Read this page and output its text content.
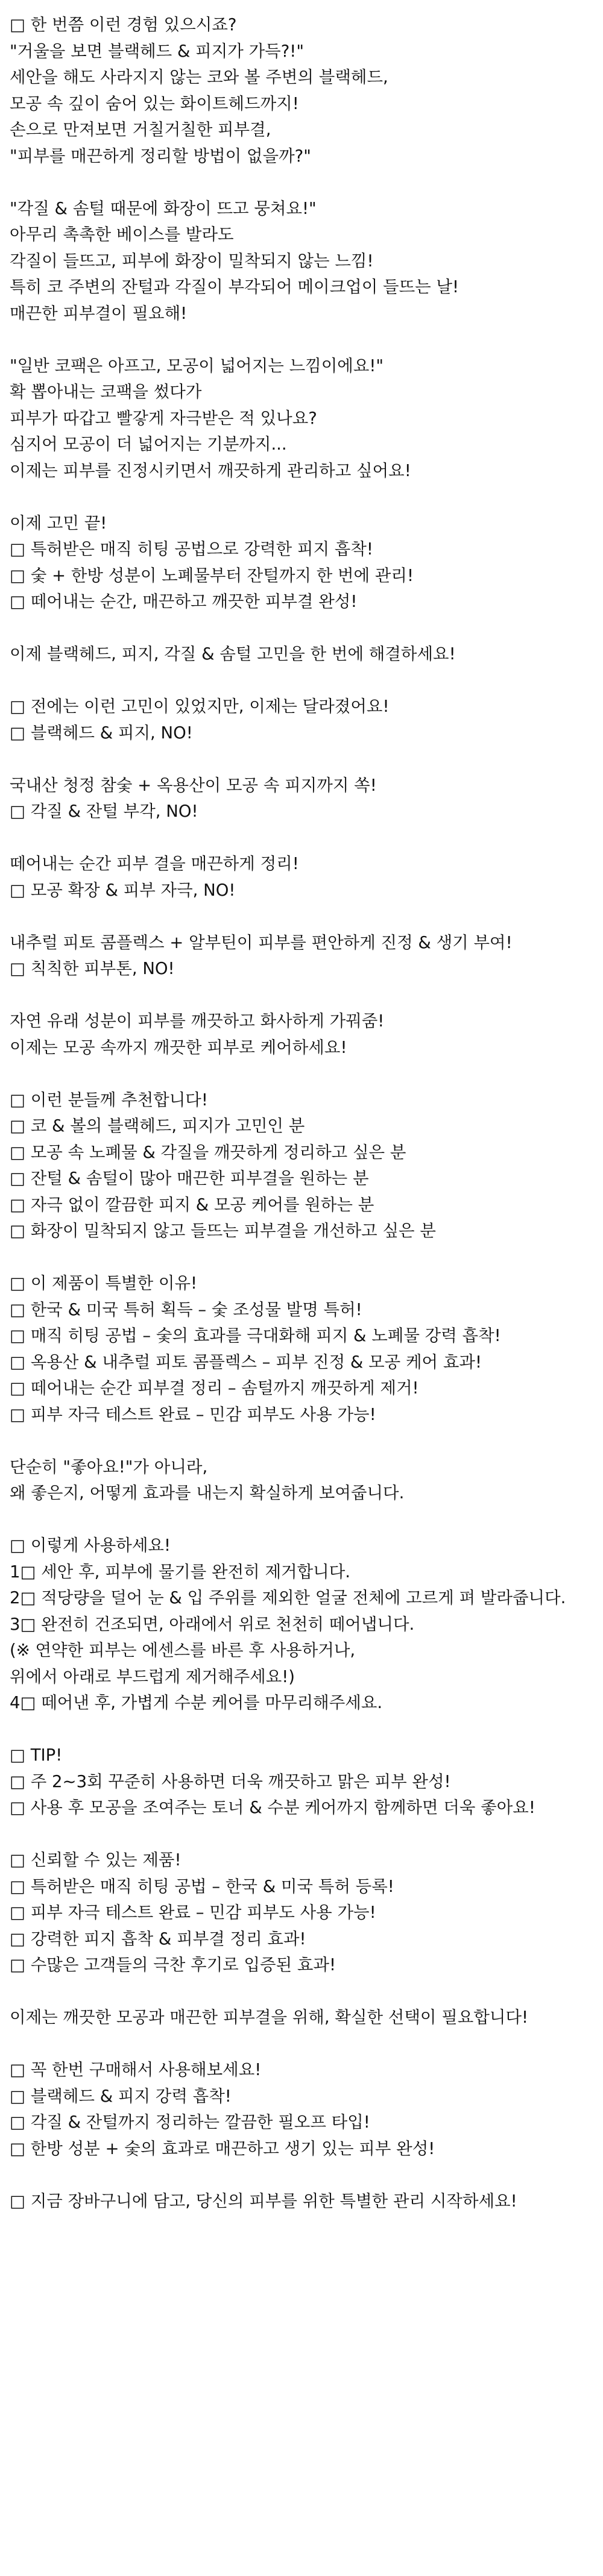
□ 한 번쯤 이런 경험 있으시죠?
"거울을 보면 블랙헤드 & 피지가 가득?!"
세안을 해도 사라지지 않는 코와 볼 주변의 블랙헤드,
모공 속 깊이 숨어 있는 화이트헤드까지!
손으로 만져보면 거칠거칠한 피부결,
"피부를 매끈하게 정리할 방법이 없을까?"
"각질 & 솜털 때문에 화장이 뜨고 뭉쳐요!"
아무리 촉촉한 베이스를 발라도
각질이 들뜨고, 피부에 화장이 밀착되지 않는 느낌!
특히 코 주변의 잔털과 각질이 부각되어 메이크업이 들뜨는 날!
매끈한 피부결이 필요해!
"일반 코팩은 아프고, 모공이 넓어지는 느낌이에요!"
확 뽑아내는 코팩을 썼다가
피부가 따갑고 빨갛게 자극받은 적 있나요?
심지어 모공이 더 넓어지는 기분까지...
이제는 피부를 진정시키면서 깨끗하게 관리하고 싶어요!
이제 고민 끝!
□ 특허받은 매직 히팅 공법으로 강력한 피지 흡착!
□ 숯 + 한방 성분이 노폐물부터 잔털까지 한 번에 관리!
□ 떼어내는 순간, 매끈하고 깨끗한 피부결 완성!
이제 블랙헤드, 피지, 각질 & 솜털 고민을 한 번에 해결하세요!
□ 전에는 이런 고민이 있었지만, 이제는 달라졌어요!
□ 블랙헤드 & 피지, NO!
국내산 청정 참숯 + 옥용산이 모공 속 피지까지 쏙!
□ 각질 & 잔털 부각, NO!
떼어내는 순간 피부 결을 매끈하게 정리!
□ 모공 확장 & 피부 자극, NO!
내추럴 피토 콤플렉스 + 알부틴이 피부를 편안하게 진정 & 생기 부여!
□ 칙칙한 피부톤, NO!
자연 유래 성분이 피부를 깨끗하고 화사하게 가꿔줌!
이제는 모공 속까지 깨끗한 피부로 케어하세요!
□ 이런 분들께 추천합니다!
□ 코 & 볼의 블랙헤드, 피지가 고민인 분
□ 모공 속 노폐물 & 각질을 깨끗하게 정리하고 싶은 분
□ 잔털 & 솜털이 많아 매끈한 피부결을 원하는 분
□ 자극 없이 깔끔한 피지 & 모공 케어를 원하는 분
□ 화장이 밀착되지 않고 들뜨는 피부결을 개선하고 싶은 분
□ 이 제품이 특별한 이유!
□ 한국 & 미국 특허 획득 – 숯 조성물 발명 특허!
□ 매직 히팅 공법 – 숯의 효과를 극대화해 피지 & 노폐물 강력 흡착!
□ 옥용산 & 내추럴 피토 콤플렉스 – 피부 진정 & 모공 케어 효과!
□ 떼어내는 순간 피부결 정리 – 솜털까지 깨끗하게 제거!
□ 피부 자극 테스트 완료 – 민감 피부도 사용 가능!
단순히 "좋아요!"가 아니라,
왜 좋은지, 어떻게 효과를 내는지 확실하게 보여줍니다.
□ 이렇게 사용하세요!
1□ 세안 후, 피부에 물기를 완전히 제거합니다.
2□ 적당량을 덜어 눈 & 입 주위를 제외한 얼굴 전체에 고르게 펴 발라줍니다.
3□ 완전히 건조되면, 아래에서 위로 천천히 떼어냅니다.
(※ 연약한 피부는 에센스를 바른 후 사용하거나,
위에서 아래로 부드럽게 제거해주세요!)
4□ 떼어낸 후, 가볍게 수분 케어를 마무리해주세요.
□ TIP!
□ 주 2~3회 꾸준히 사용하면 더욱 깨끗하고 맑은 피부 완성!
□ 사용 후 모공을 조여주는 토너 & 수분 케어까지 함께하면 더욱 좋아요!
□ 신뢰할 수 있는 제품!
□ 특허받은 매직 히팅 공법 – 한국 & 미국 특허 등록!
□ 피부 자극 테스트 완료 – 민감 피부도 사용 가능!
□ 강력한 피지 흡착 & 피부결 정리 효과!
□ 수많은 고객들의 극찬 후기로 입증된 효과!
이제는 깨끗한 모공과 매끈한 피부결을 위해, 확실한 선택이 필요합니다!
□ 꼭 한번 구매해서 사용해보세요!
□ 블랙헤드 & 피지 강력 흡착!
□ 각질 & 잔털까지 정리하는 깔끔한 필오프 타입!
□ 한방 성분 + 숯의 효과로 매끈하고 생기 있는 피부 완성!
□ 지금 장바구니에 담고, 당신의 피부를 위한 특별한 관리 시작하세요!
